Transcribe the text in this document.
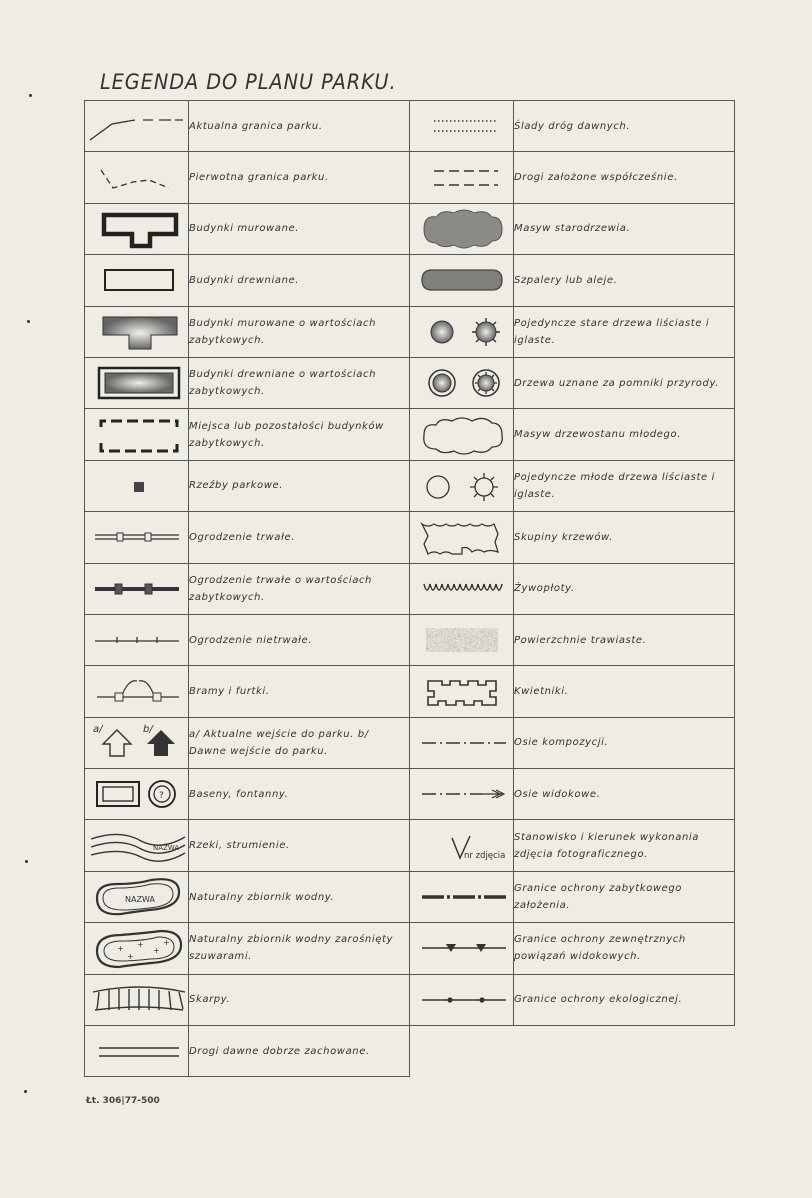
LEGENDA DO PLANU PARKU.
	Aktualna granica parku.		Ślady dróg dawnych.

	Pierwotna granica parku.		Drogi założone współcześnie.

	Budynki murowane.		Masyw starodrzewia.

	Budynki drewniane.		Szpalery lub aleje.

	Budynki murowane o wartościach zabytkowych.		Pojedyncze stare drzewa liściaste i iglaste.

	Budynki drewniane o wartościach zabytkowych.		Drzewa uznane za pomniki przyrody.

	Miejsca lub pozostałości budynków zabytkowych.		Masyw drzewostanu młodego.

	Rzeźby parkowe.		Pojedyncze młode drzewa liściaste i iglaste.

	Ogrodzenie trwałe.		Skupiny krzewów.

	Ogrodzenie trwałe o wartościach zabytkowych.		Żywopłoty.

	Ogrodzenie nietrwałe.		Powierzchnie trawiaste.

	Bramy i furtki.		Kwietniki.

a/ b/	a/ Aktualne wejście do parku. b/ Dawne wejście do parku.		Osie kompozycji.

?	Baseny, fontanny.		Osie widokowe.

NAZWA	Rzeki, strumienie.	nr zdjęcia	Stanowisko i kierunek wykonania zdjęcia fotograficznego.

NAZWA	Naturalny zbiornik wodny.		Granice ochrony zabytkowego założenia.

+ +
+
+
+	Naturalny zbiornik wodny zarośnięty szuwarami.		Granice ochrony zewnętrznych powiązań widokowych.

	Skarpy.		Granice ochrony ekologicznej.

	Drogi dawne dobrze zachowane.		
Łt. 306|77-500
